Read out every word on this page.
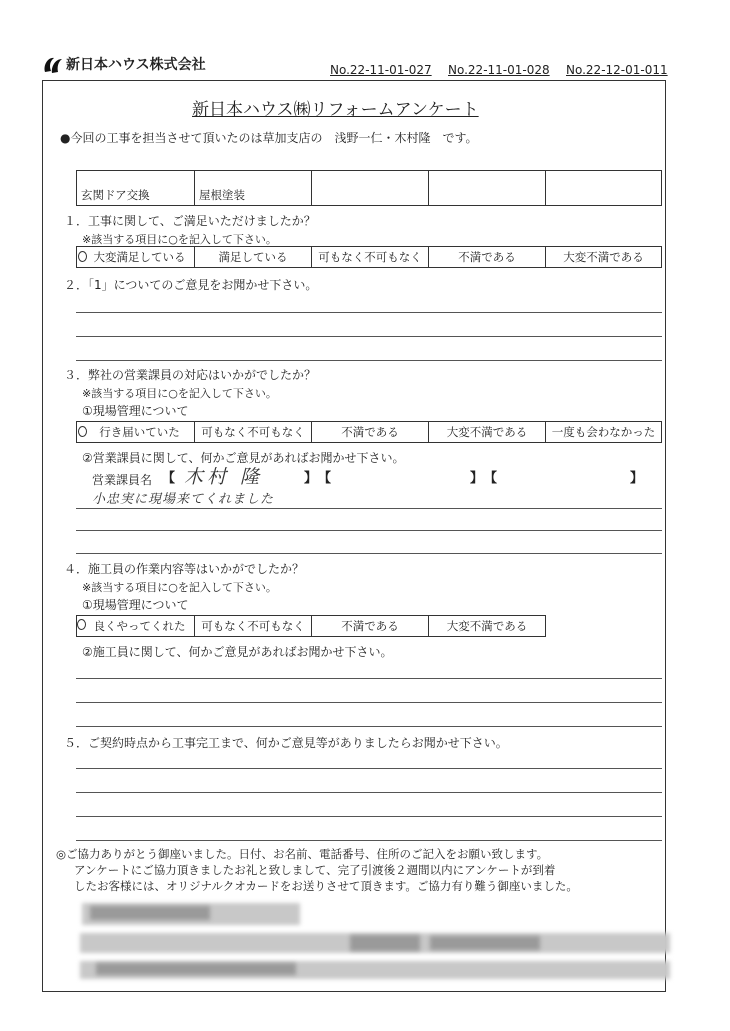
新日本ハウス株式会社	No.22-11-01-027 No.22-11-01-028 No.22-12-01-011
新日本ハウス㈱リフォームアンケート
●今回の工事を担当させて頂いたのは草加支店の　浅野一仁・木村隆　です。
玄関ドア交換	屋根塗装
１．工事に関して、ご満足いただけましたか？
※該当する項目に○を記入して下さい。
大変満足している	満足している	可もなく不可もなく	不満である	大変不満である
２．「1」についてのご意見をお聞かせ下さい。
３．弊社の営業課員の対応はいかがでしたか？
※該当する項目に○を記入して下さい。
①現場管理について
行き届いていた	可もなく不可もなく	不満である	大変不満である	一度も会わなかった
②営業課員に関して、何かご意見があればお聞かせ下さい。
営業課員名 【 木村 隆	】 【	】 【	】
小忠実に現場来てくれました
４．施工員の作業内容等はいかがでしたか？
※該当する項目に○を記入して下さい。
①現場管理について
良くやってくれた	可もなく不可もなく	不満である	大変不満である
②施工員に関して、何かご意見があればお聞かせ下さい。
５．ご契約時点から工事完工まで、何かご意見等がありましたらお聞かせ下さい。
◎ご協力ありがとう御座いました。日付、お名前、電話番号、住所のご記入をお願い致します。
アンケートにご協力頂きましたお礼と致しまして、完了引渡後２週間以内にアンケートが到着
したお客様には、オリジナルクオカードをお送りさせて頂きます。ご協力有り難う御座いました。
